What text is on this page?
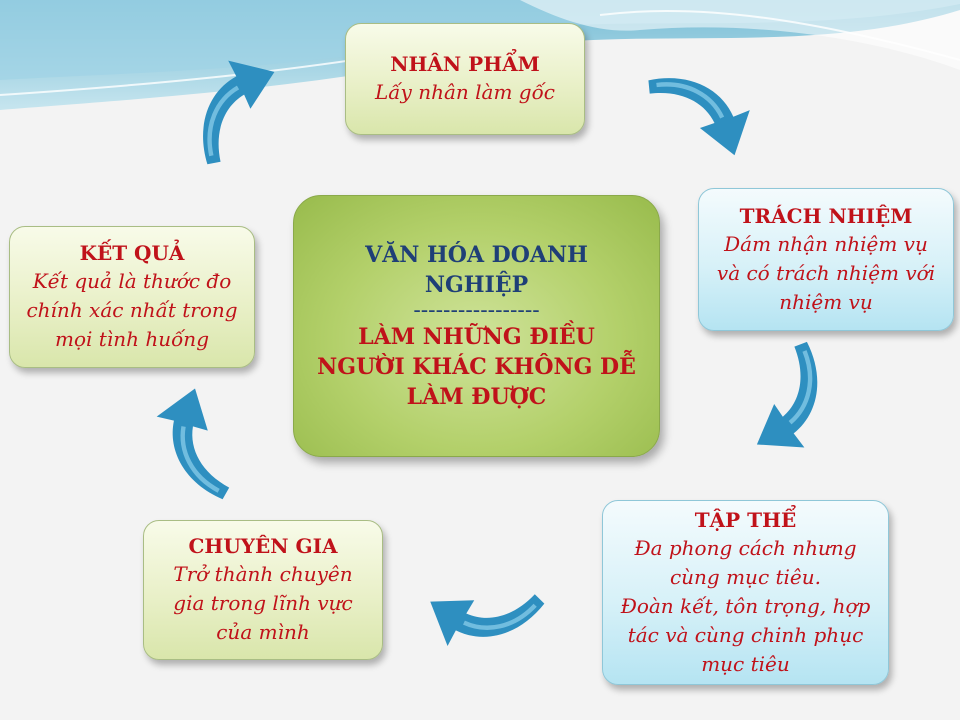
VĂN HÓA DOANH NGHIỆP
-----------------
LÀM NHỮNG ĐIỀU
NGƯỜI KHÁC KHÔNG DỄ
LÀM ĐƯỢC
NHÂN PHẨM
Lấy nhân làm gốc
TRÁCH NHIỆM
Dám nhận nhiệm vụ
và có trách nhiệm với
nhiệm vụ
TẬP THỂ
Đa phong cách nhưng
cùng mục tiêu.
Đoàn kết, tôn trọng, hợp
tác và cùng chinh phục
mục tiêu
CHUYÊN GIA
Trở thành chuyên
gia trong lĩnh vực
của mình
KẾT QUẢ
Kết quả là thước đo
chính xác nhất trong
mọi tình huống
